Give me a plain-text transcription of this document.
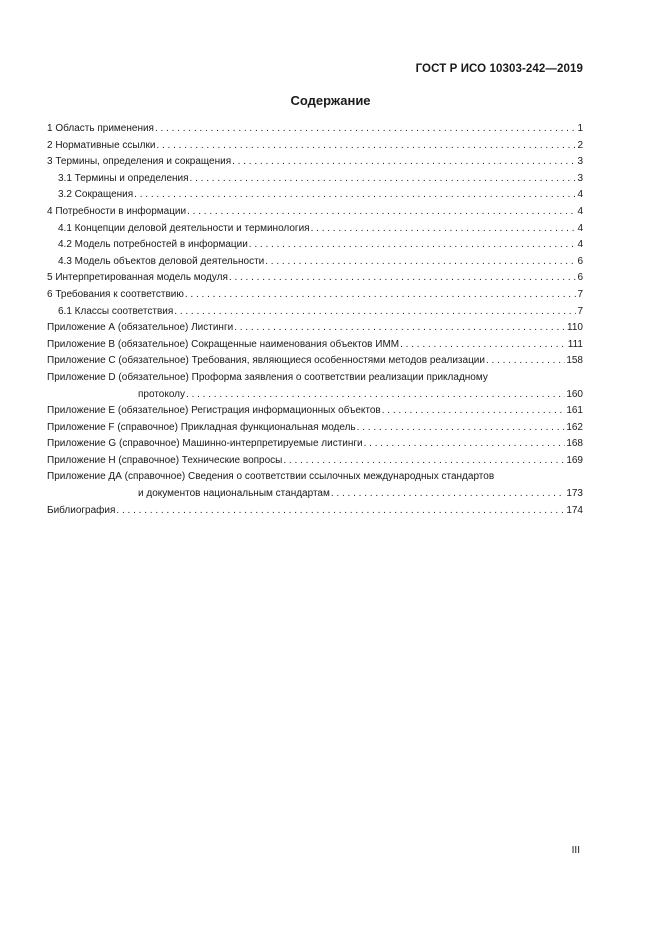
ГОСТ Р ИСО 10303-242—2019
Содержание
1 Область применения . . .	1
2 Нормативные ссылки . . .	2
3 Термины, определения и сокращения . . .	3
3.1 Термины и определения . . .	3
3.2 Сокращения . . .	4
4 Потребности в информации . . .	4
4.1 Концепции деловой деятельности и терминология . . .	4
4.2 Модель потребностей в информации . . .	4
4.3 Модель объектов деловой деятельности . . .	6
5 Интерпретированная модель модуля . . .	6
6 Требования к соответствию . . .	7
6.1 Классы соответствия . . .	7
Приложение А (обязательное) Листинги . . .	110
Приложение В (обязательное) Сокращенные наименования объектов ИММ . . .	111
Приложение С (обязательное) Требования, являющиеся особенностями методов реализации . . .	158
Приложение D (обязательное) Проформа заявления о соответствии реализации прикладному
протоколу . . .	160
Приложение Е (обязательное) Регистрация информационных объектов . . .	161
Приложение F (справочное) Прикладная функциональная модель . . .	162
Приложение G (справочное) Машинно-интерпретируемые листинги . . .	168
Приложение Н (справочное) Технические вопросы . . .	169
Приложение ДА (справочное) Сведения о соответствии ссылочных международных стандартов
и документов национальным стандартам . . .	173
Библиография . . .	174
III
